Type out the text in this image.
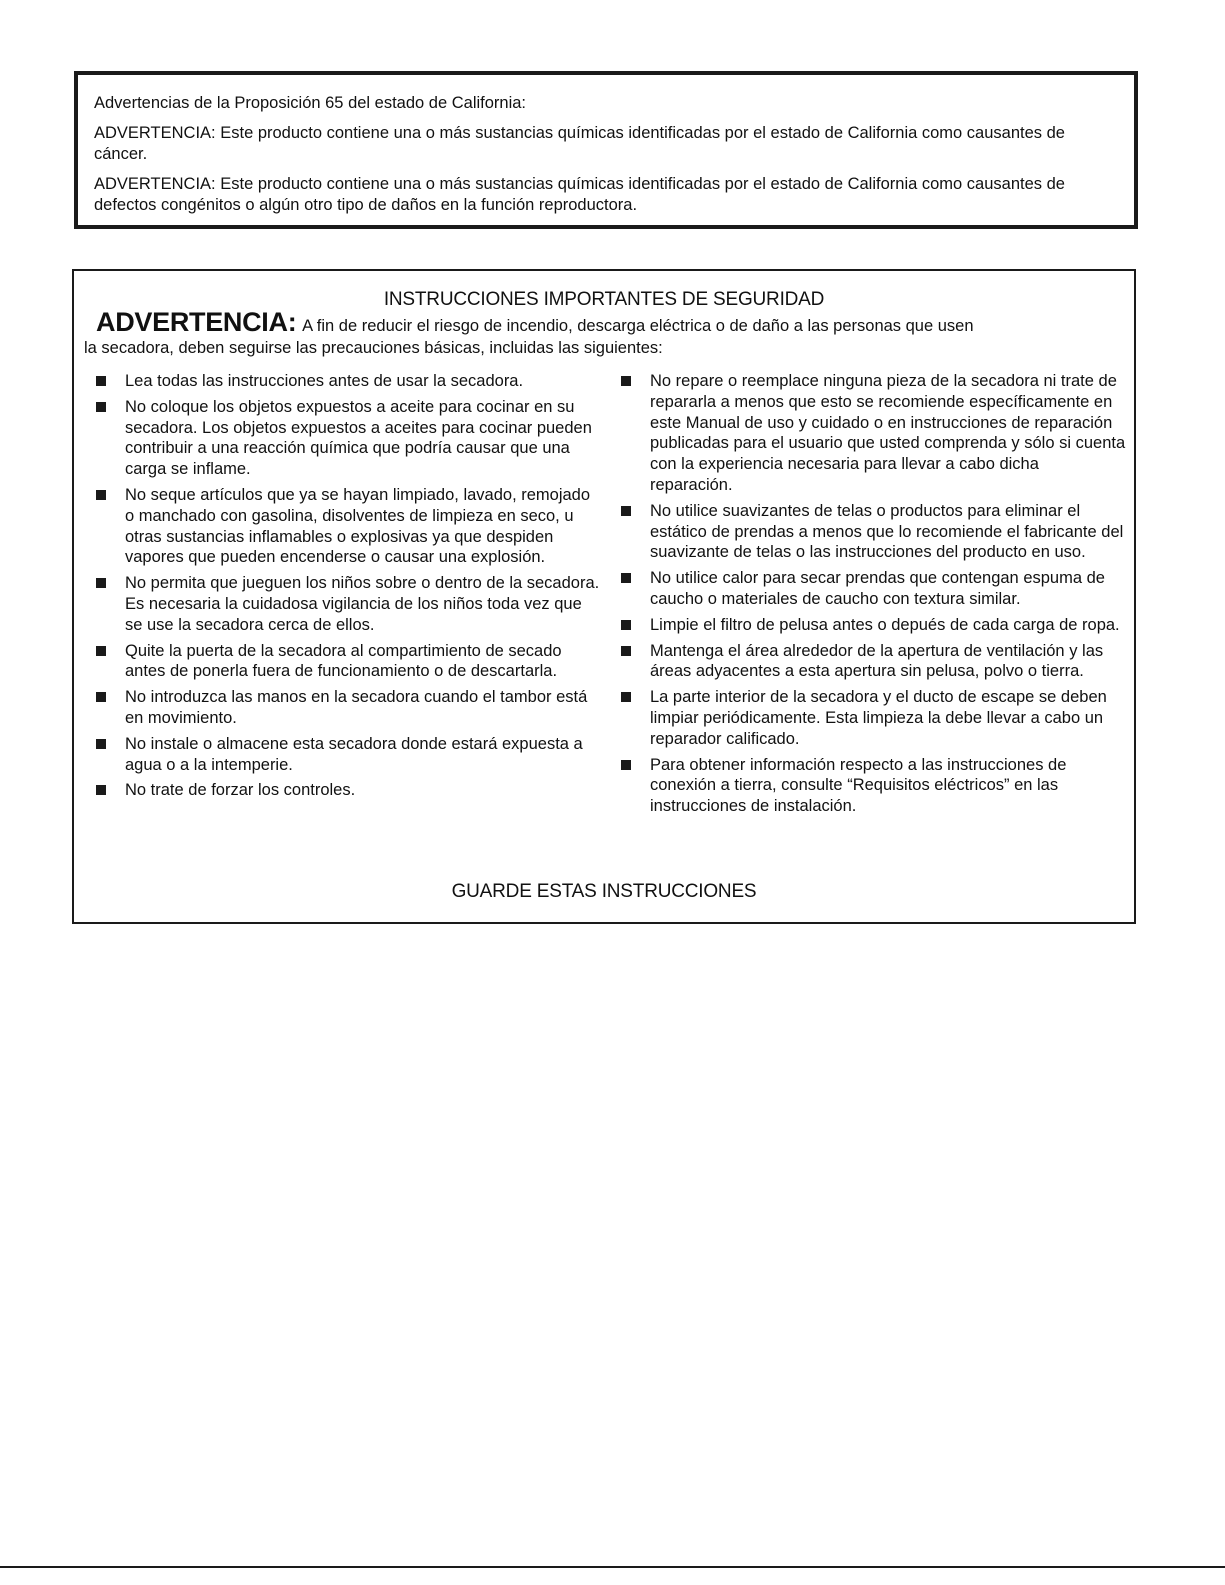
Advertencias de la Proposición 65 del estado de California:

ADVERTENCIA: Este producto contiene una o más sustancias químicas identificadas por el estado de California como causantes de cáncer.

ADVERTENCIA: Este producto contiene una o más sustancias químicas identificadas por el estado de California como causantes de defectos congénitos o algún otro tipo de daños en la función reproductora.

INSTRUCCIONES IMPORTANTES DE SEGURIDAD
ADVERTENCIA: A fin de reducir el riesgo de incendio, descarga eléctrica o de daño a las personas que usen
la secadora, deben seguirse las precauciones básicas, incluidas las siguientes:
Lea todas las instrucciones antes de usar la secadora.
No coloque los objetos expuestos a aceite para cocinar en su secadora. Los objetos expuestos a aceites para cocinar pueden contribuir a una reacción química que podría causar que una carga se inflame.
No seque artículos que ya se hayan limpiado, lavado, remojado o manchado con gasolina, disolventes de limpieza en seco, u otras sustancias inflamables o explosivas ya que despiden vapores que pueden encenderse o causar una explosión.
No permita que jueguen los niños sobre o dentro de la secadora. Es necesaria la cuidadosa vigilancia de los niños toda vez que se use la secadora cerca de ellos.
Quite la puerta de la secadora al compartimiento de secado antes de ponerla fuera de funcionamiento o de descartarla.
No introduzca las manos en la secadora cuando el tambor está en movimiento.
No instale o almacene esta secadora donde estará expuesta a agua o a la intemperie.
No trate de forzar los controles.
No repare o reemplace ninguna pieza de la secadora ni trate de repararla a menos que esto se recomiende específicamente en este Manual de uso y cuidado o en instrucciones de reparación publicadas para el usuario que usted comprenda y sólo si cuenta con la experiencia necesaria para llevar a cabo dicha reparación.
No utilice suavizantes de telas o productos para eliminar el estático de prendas a menos que lo recomiende el fabricante del suavizante de telas o las instrucciones del producto en uso.
No utilice calor para secar prendas que contengan espuma de caucho o materiales de caucho con textura similar.
Limpie el filtro de pelusa antes o depués de cada carga de ropa.
Mantenga el área alrededor de la apertura de ventilación y las áreas adyacentes a esta apertura sin pelusa, polvo o tierra.
La parte interior de la secadora y el ducto de escape se deben limpiar periódicamente. Esta limpieza la debe llevar a cabo un reparador calificado.
Para obtener información respecto a las instrucciones de conexión a tierra, consulte “Requisitos eléctricos” en las instrucciones de instalación.
GUARDE ESTAS INSTRUCCIONES
